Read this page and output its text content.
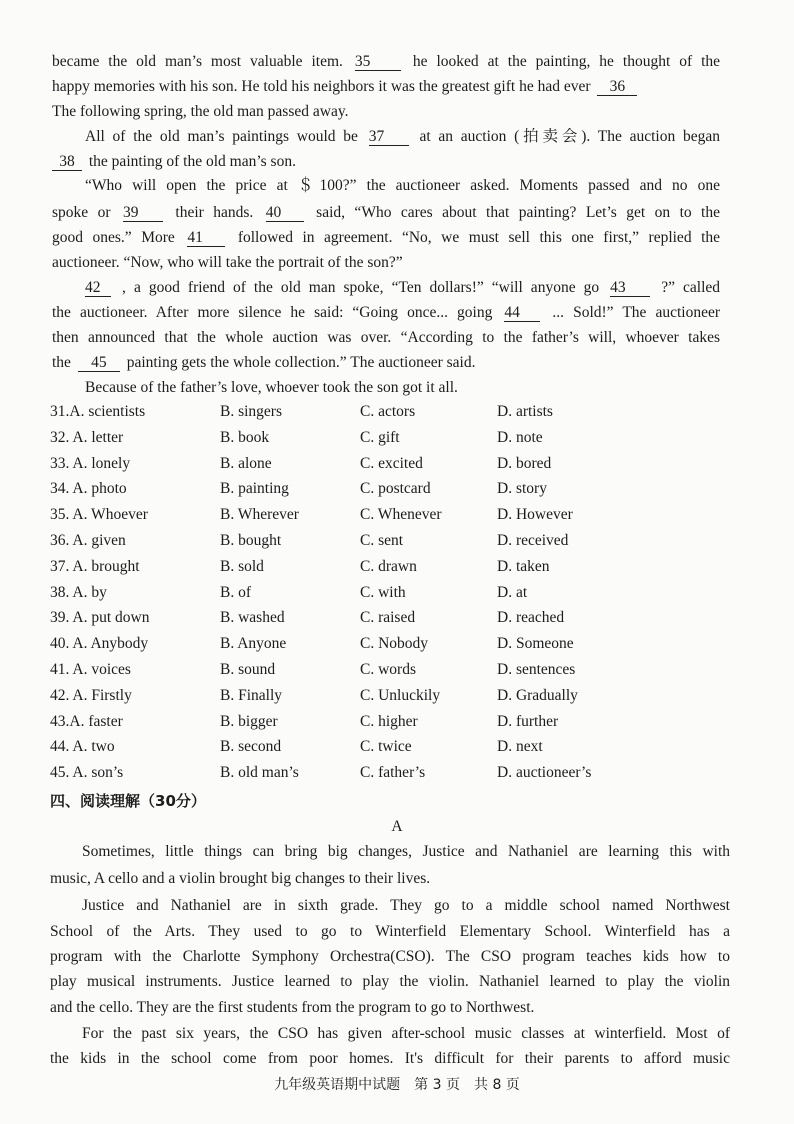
became the old man’s most valuable item. 35	he looked at the painting, he thought of the
happy memories with his son. He told his neighbors it was the greatest gift he had ever 36
The following spring, the old man passed away.
All of the old man’s paintings would be 37 at an auction (拍卖会). The auction began
38 the painting of the old man’s son.
“Who will open the price at ＄100?” the auctioneer asked. Moments passed and no one
spoke or 39 their hands. 40 said, “Who cares about that painting? Let’s get on to the
good ones.” More 41 followed in agreement. “No, we must sell this one first,” replied the
auctioneer. “Now, who will take the portrait of the son?”
42 , a good friend of the old man spoke, “Ten dollars!” “will anyone go 43 ?” called
the auctioneer. After more silence he said: “Going once... going 44 ... Sold!” The auctioneer
then announced that the whole auction was over. “According to the father’s will, whoever takes
the 45 painting gets the whole collection.” The auctioneer said.
Because of the father’s love, whoever took the son got it all.
31.A. scientists	B. singers	C. actors	D. artists
32. A. letter	B. book	C. gift	D. note
33. A. lonely	B. alone	C. excited	D. bored
34. A. photo	B. painting	C. postcard	D. story
35. A. Whoever	B. Wherever	C. Whenever	D. However
36. A. given	B. bought	C. sent	D. received
37. A. brought	B. sold	C. drawn	D. taken
38. A. by	B. of	C. with	D. at
39. A. put down	B. washed	C. raised	D. reached
40. A. Anybody	B. Anyone	C. Nobody	D. Someone
41. A. voices	B. sound	C. words	D. sentences
42. A. Firstly	B. Finally	C. Unluckily	D. Gradually
43.A. faster	B. bigger	C. higher	D. further
44. A. two	B. second	C. twice	D. next
45. A. son’s	B. old man’s	C. father’s	D. auctioneer’s
四、阅读理解（30分）
A
Sometimes, little things can bring big changes, Justice and Nathaniel are learning this with
music, A cello and a violin brought big changes to their lives.
Justice and Nathaniel are in sixth grade. They go to a middle school named Northwest
School of the Arts. They used to go to Winterfield Elementary School. Winterfield has a
program with the Charlotte Symphony Orchestra(CSO). The CSO program teaches kids how to
play musical instruments. Justice learned to play the violin. Nathaniel learned to play the violin
and the cello. They are the first students from the program to go to Northwest.
For the past six years, the CSO has given after-school music classes at winterfield. Most of
the kids in the school come from poor homes. It's difficult for their parents to afford music
九年级英语期中试题　第 3 页　共 8 页
